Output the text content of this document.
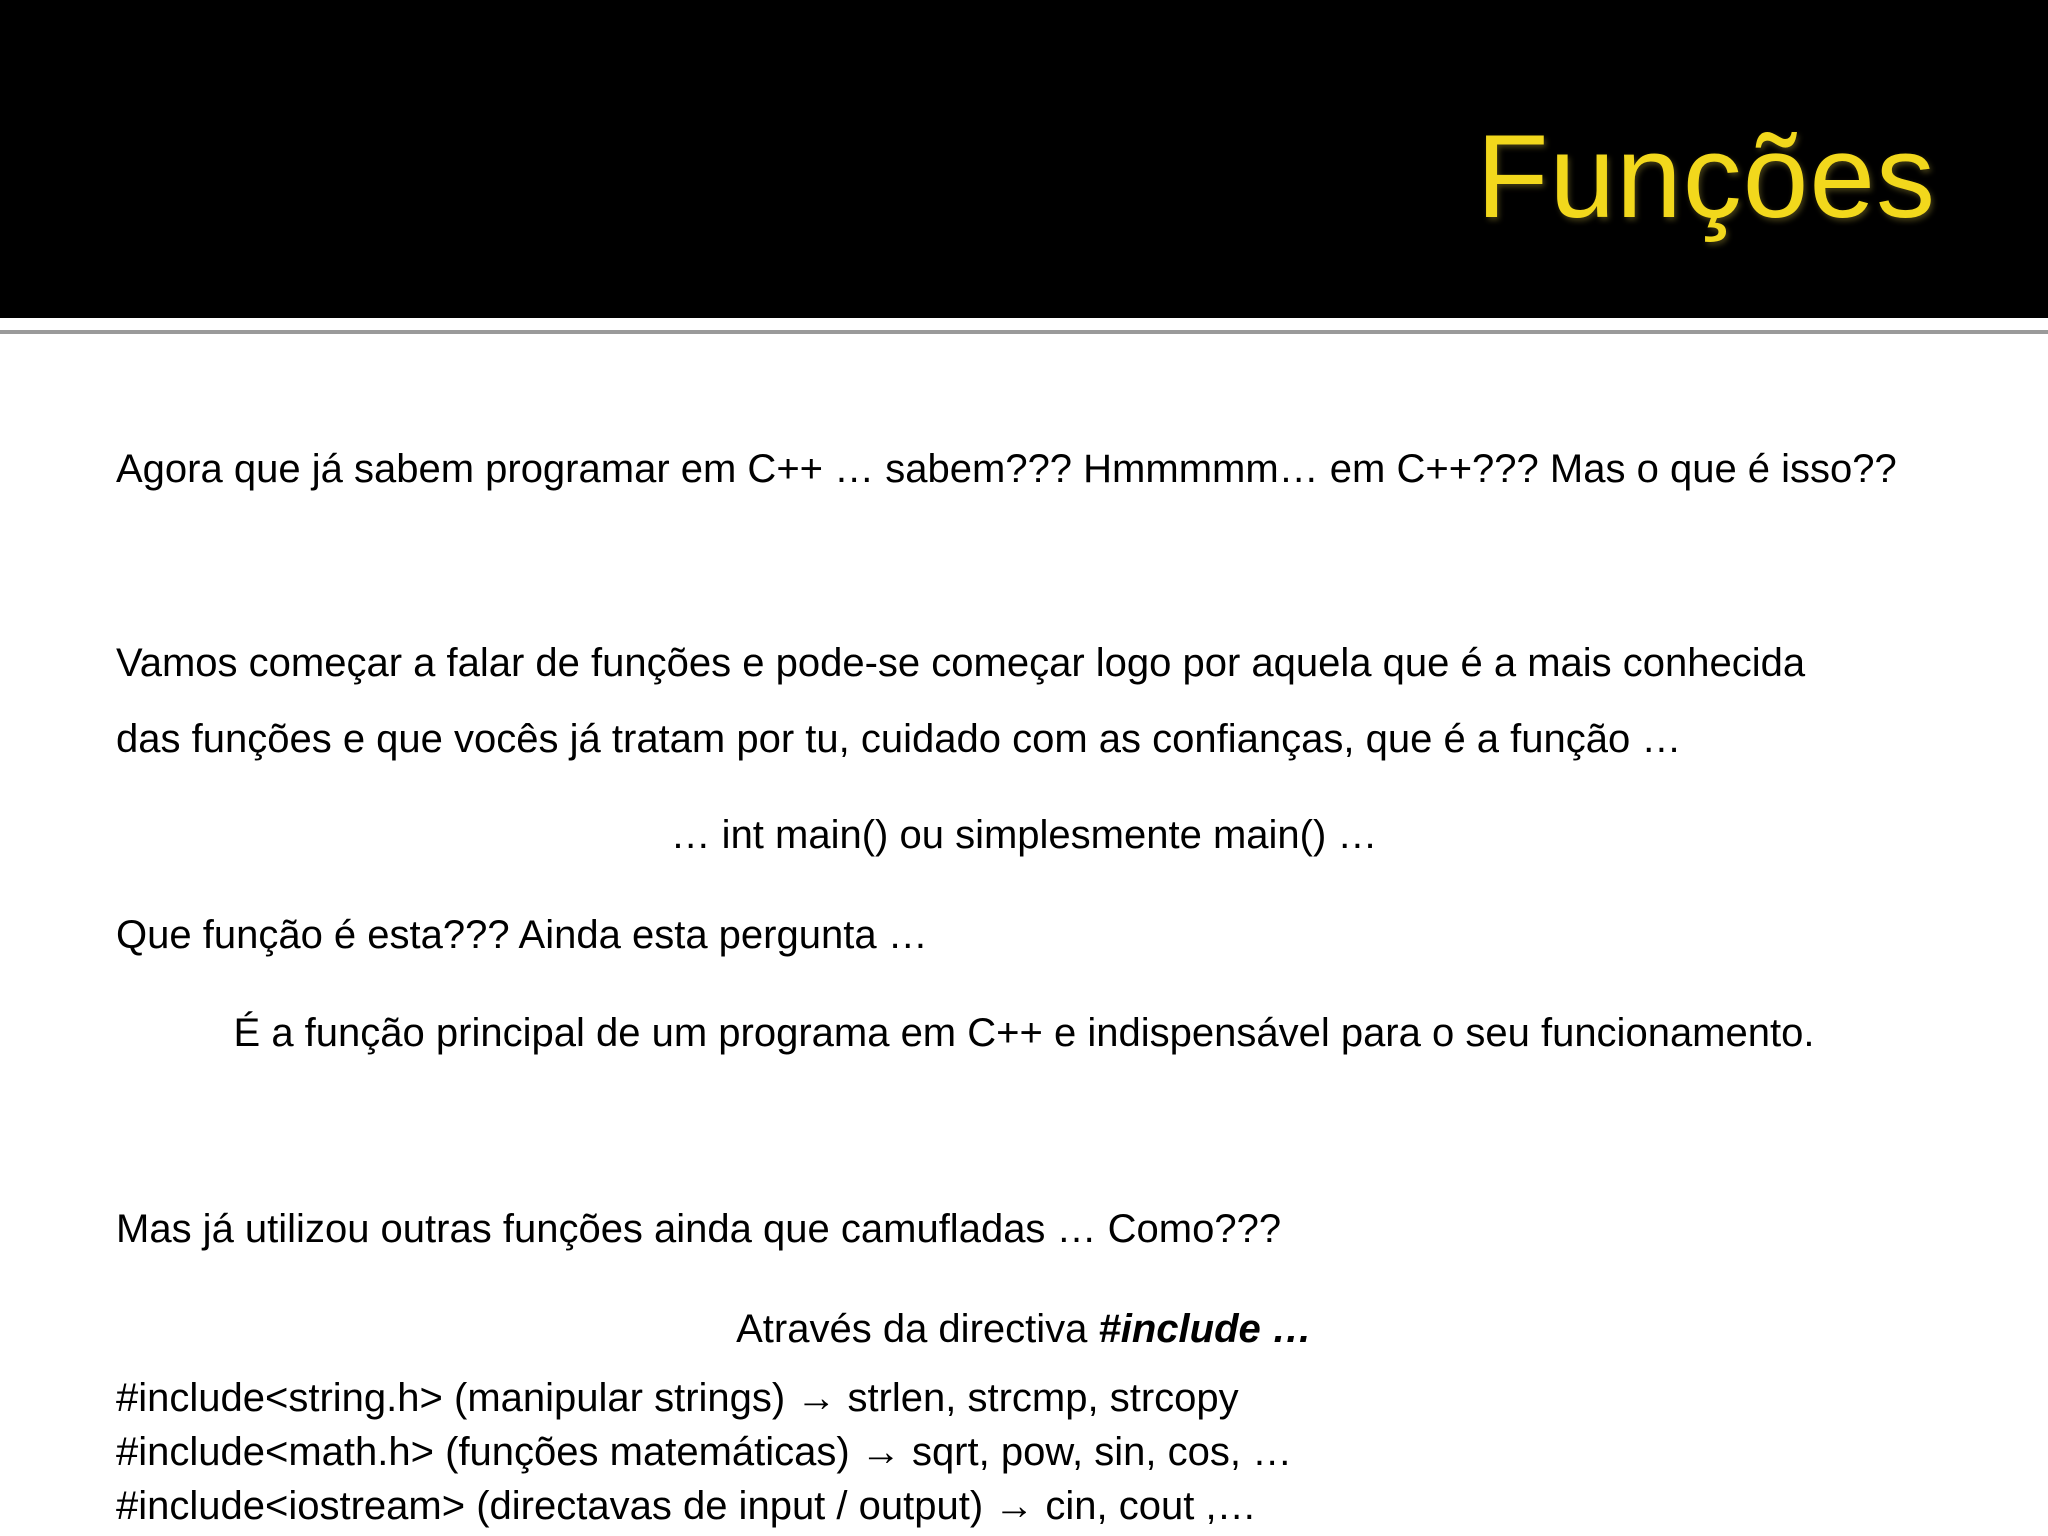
Funções

Agora que já sabem programar em C++ … sabem??? Hmmmmm… em C++??? Mas o que é isso??

Vamos começar a falar de funções e pode-se começar logo por aquela que é a mais conhecida

das funções e que vocês já tratam por tu, cuidado com as confianças, que é a função …

… int main() ou simplesmente main() …

Que função é esta??? Ainda esta pergunta …

É a função principal de um programa em C++ e indispensável para o seu funcionamento.

Mas já utilizou outras funções ainda que camufladas … Como???

Através da directiva #include …

#include<string.h> (manipular strings) → strlen, strcmp, strcopy
#include<math.h> (funções matemáticas) → sqrt, pow, sin, cos, …
#include<iostream> (directavas de input / output) → cin, cout ,…
